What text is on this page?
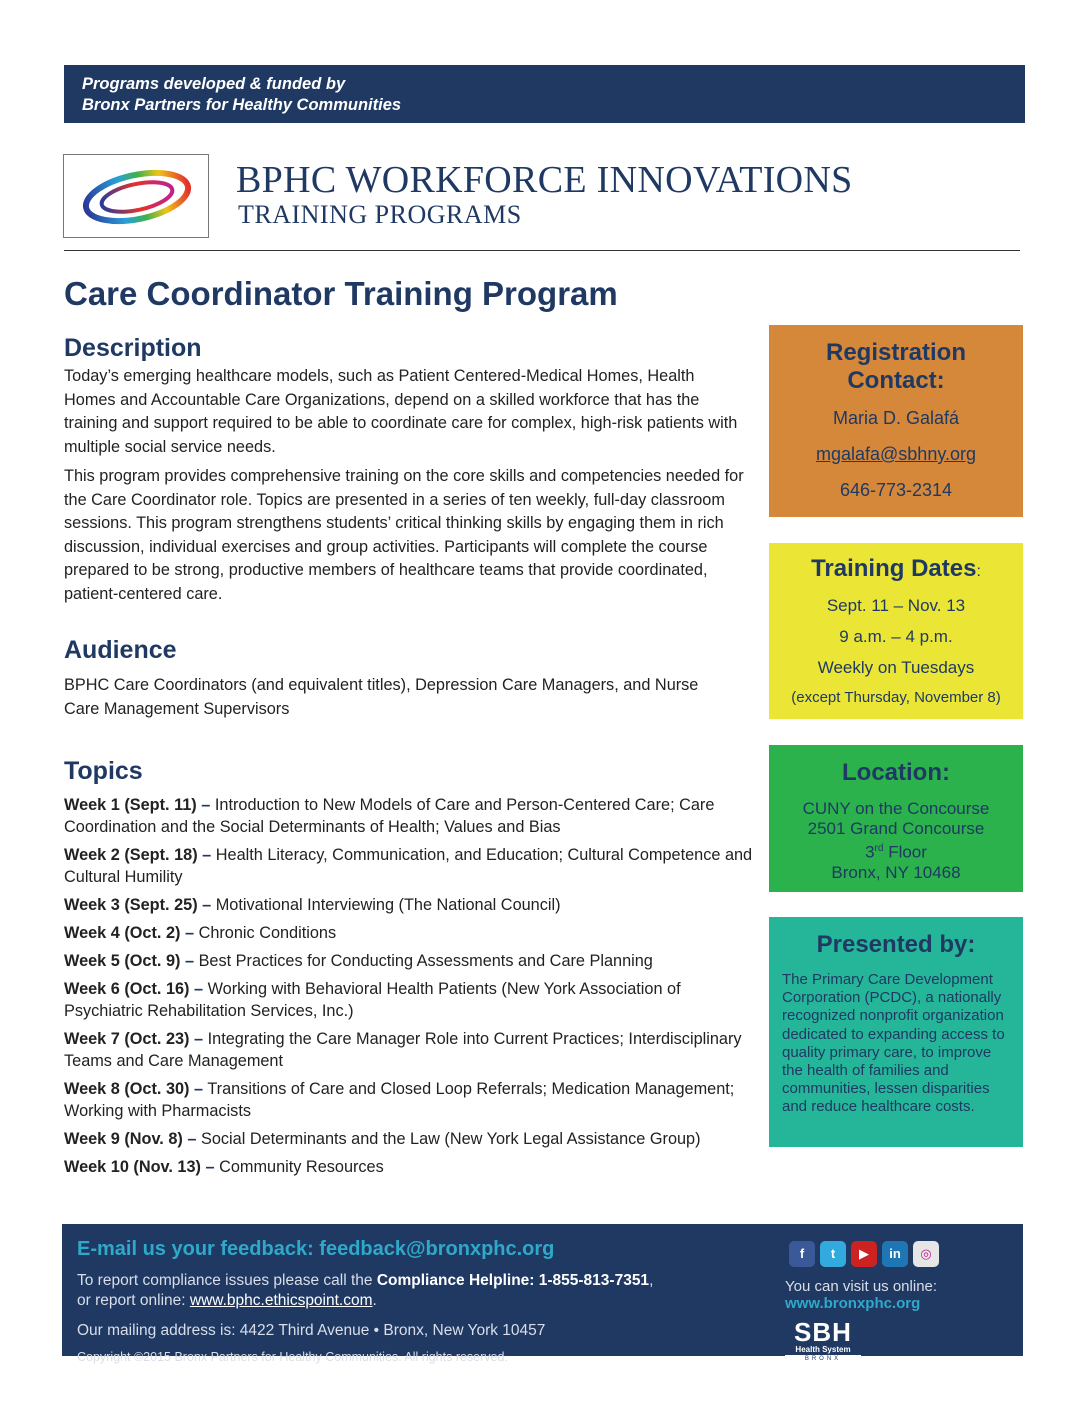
Programs developed & funded by
Bronx Partners for Healthy Communities
BPHC WORKFORCE INNOVATIONS
TRAINING PROGRAMS
Care Coordinator Training Program
Description
Today’s emerging healthcare models, such as Patient Centered-Medical Homes, Health Homes and Accountable Care Organizations, depend on a skilled workforce that has the training and support required to be able to coordinate care for complex, high-risk patients with multiple social service needs.
This program provides comprehensive training on the core skills and competencies needed for the Care Coordinator role. Topics are presented in a series of ten weekly, full-day classroom sessions. This program strengthens students’ critical thinking skills by engaging them in rich discussion, individual exercises and group activities. Participants will complete the course prepared to be strong, productive members of healthcare teams that provide coordinated, patient-centered care.
Audience
BPHC Care Coordinators (and equivalent titles), Depression Care Managers, and Nurse Care Management Supervisors
Topics
Week 1 (Sept. 11) – Introduction to New Models of Care and Person-Centered Care; Care Coordination and the Social Determinants of Health; Values and Bias
Week 2 (Sept. 18) – Health Literacy, Communication, and Education; Cultural Competence and Cultural Humility
Week 3 (Sept. 25) – Motivational Interviewing (The National Council)
Week 4 (Oct. 2) – Chronic Conditions
Week 5 (Oct. 9) – Best Practices for Conducting Assessments and Care Planning
Week 6 (Oct. 16) – Working with Behavioral Health Patients (New York Association of Psychiatric Rehabilitation Services, Inc.)
Week 7 (Oct. 23) – Integrating the Care Manager Role into Current Practices; Interdisciplinary Teams and Care Management
Week 8 (Oct. 30) – Transitions of Care and Closed Loop Referrals; Medication Management; Working with Pharmacists
Week 9 (Nov. 8) – Social Determinants and the Law (New York Legal Assistance Group)
Week 10 (Nov. 13) – Community Resources
Registration Contact:
Maria D. Galafá
mgalafa@sbhny.org
646-773-2314
Training Dates:
Sept. 11 – Nov. 13
9 a.m. – 4 p.m.
Weekly on Tuesdays
(except Thursday, November 8)
Location:
CUNY on the Concourse
2501 Grand Concourse
3rd Floor
Bronx, NY 10468
Presented by:
The Primary Care Development Corporation (PCDC), a nationally recognized nonprofit organization dedicated to expanding access to quality primary care, to improve the health of families and communities, lessen disparities and reduce healthcare costs.
E-mail us your feedback: feedback@bronxphc.org
To report compliance issues please call the Compliance Helpline: 1-855-813-7351,
or report online: www.bphc.ethicspoint.com.
Our mailing address is: 4422 Third Avenue • Bronx, New York 10457
Copyright ©2015 Bronx Partners for Healthy Communities. All rights reserved.
f	t	▶	in	◎
You can visit us online:
www.bronxphc.org
SBH
Health System
BRONX
